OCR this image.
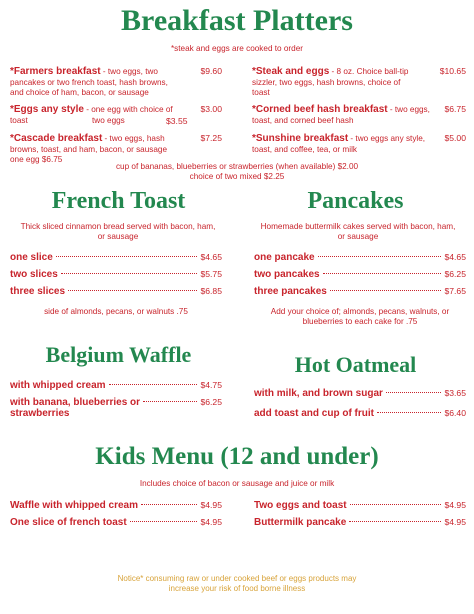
Breakfast Platters
*steak and eggs are cooked to order
*Farmers breakfast - two eggs, two	$9.60
pancakes or two french toast, hash browns,
and choice of ham, bacon, or sausage
*Eggs any style - one egg with choice of	$3.00
toast	two eggs	$3.55
*Cascade breakfast - two eggs, hash	$7.25
browns, toast, and ham, bacon, or sausage
one egg $6.75
*Steak and eggs - 8 oz. Choice ball-tip	$10.65
sizzler, two eggs, hash browns, choice of
toast
*Corned beef hash breakfast - two eggs, $6.75
toast, and corned beef hash
*Sunshine breakfast - two eggs any style, $5.00
toast, and coffee, tea, or milk
cup of bananas, blueberries or strawberries (when available) $2.00
choice of two mixed $2.25
French Toast
Thick sliced cinnamon bread served with bacon, ham, or sausage
one slice	$4.65
two slices	$5.75
three slices	$6.85
side of almonds, pecans, or walnuts .75
Pancakes
Homemade buttermilk cakes served with bacon, ham, or sausage
one pancake	$4.65
two pancakes	$6.25
three pancakes	$7.65
Add your choice of; almonds, pecans, walnuts, or blueberries to each cake for .75
Belgium Waffle
with whipped cream	$4.75
with banana, blueberries or	$6.25
strawberries
Hot Oatmeal
with milk, and brown sugar	$3.65
add toast and cup of fruit	$6.40
Kids Menu (12 and under)
Includes choice of bacon or sausage and juice or milk
Waffle with whipped cream	$4.95
One slice of french toast	$4.95
Two eggs and toast	$4.95
Buttermilk pancake	$4.95
Notice* consuming raw or under cooked beef or eggs products may
increase your risk of food borne illness
